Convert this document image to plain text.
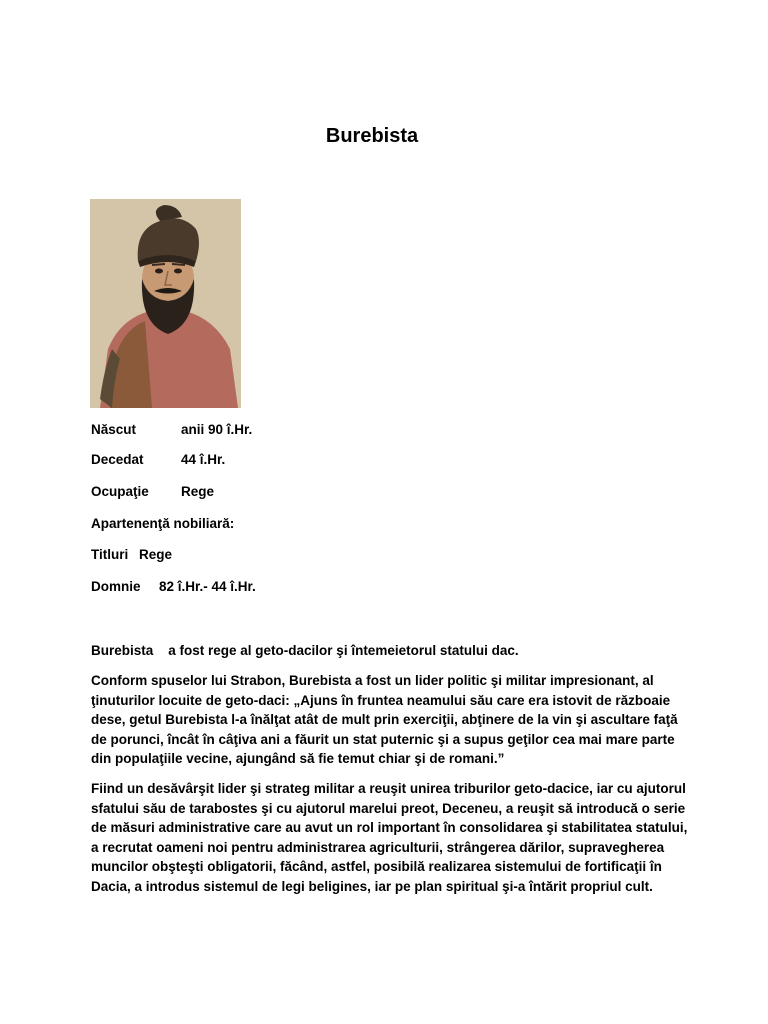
Burebista
Născut	anii 90 î.Hr.
Decedat	44 î.Hr.
Ocupaţie Rege
Apartenenţă nobiliară:
Titluri Rege
Domnie 82 î.Hr.- 44 î.Hr.

Burebista    a fost rege al geto-dacilor şi întemeietorul statului dac.

Conform spuselor lui Strabon, Burebista a fost un lider politic şi militar impresionant, al ţinuturilor locuite de geto-daci: „Ajuns în fruntea neamului său care era istovit de războaie dese, getul Burebista l-a înălţat atât de mult prin exerciţii, abţinere de la vin şi ascultare faţă de porunci, încât în câţiva ani a făurit un stat puternic şi a supus geţilor cea mai mare parte din populaţiile vecine, ajungând să fie temut chiar şi de romani.”

Fiind un desăvârşit lider şi strateg militar a reuşit unirea triburilor geto-dacice, iar cu ajutorul sfatului său de tarabostes şi cu ajutorul marelui preot, Deceneu, a reuşit să introducă o serie de măsuri administrative care au avut un rol important în consolidarea şi stabilitatea statului, a recrutat oameni noi pentru administrarea agriculturii, strângerea dărilor, supravegherea muncilor obşteşti obligatorii, făcând, astfel, posibilă realizarea sistemului de fortificaţii în Dacia, a introdus sistemul de legi beligines, iar pe plan spiritual şi-a întărit propriul cult.
